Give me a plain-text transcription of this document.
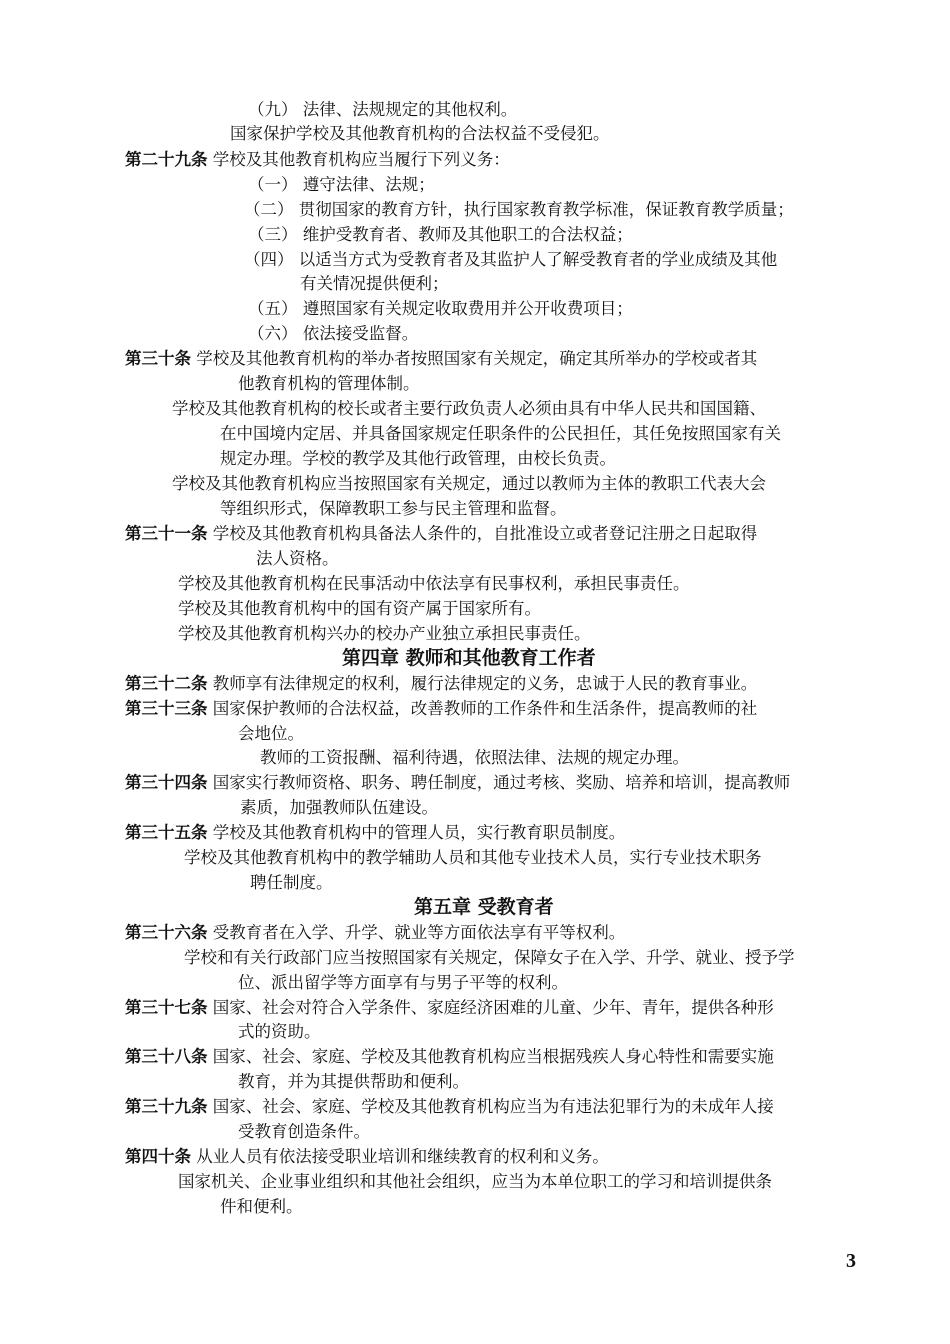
（九） 法律、法规规定的其他权利。
国家保护学校及其他教育机构的合法权益不受侵犯。
第二十九条 学校及其他教育机构应当履行下列义务：
（一） 遵守法律、法规；
（二） 贯彻国家的教育方针，执行国家教育教学标准，保证教育教学质量；
（三） 维护受教育者、教师及其他职工的合法权益；
（四） 以适当方式为受教育者及其监护人了解受教育者的学业成绩及其他
有关情况提供便利；
（五） 遵照国家有关规定收取费用并公开收费项目；
（六） 依法接受监督。
第三十条 学校及其他教育机构的举办者按照国家有关规定，确定其所举办的学校或者其
他教育机构的管理体制。
学校及其他教育机构的校长或者主要行政负责人必须由具有中华人民共和国国籍、
在中国境内定居、并具备国家规定任职条件的公民担任，其任免按照国家有关
规定办理。学校的教学及其他行政管理，由校长负责。
学校及其他教育机构应当按照国家有关规定，通过以教师为主体的教职工代表大会
等组织形式，保障教职工参与民主管理和监督。
第三十一条 学校及其他教育机构具备法人条件的，自批准设立或者登记注册之日起取得
法人资格。
学校及其他教育机构在民事活动中依法享有民事权利，承担民事责任。
学校及其他教育机构中的国有资产属于国家所有。
学校及其他教育机构兴办的校办产业独立承担民事责任。
第四章 教师和其他教育工作者
第三十二条 教师享有法律规定的权利，履行法律规定的义务，忠诚于人民的教育事业。
第三十三条 国家保护教师的合法权益，改善教师的工作条件和生活条件，提高教师的社
会地位。
教师的工资报酬、福利待遇，依照法律、法规的规定办理。
第三十四条 国家实行教师资格、职务、聘任制度，通过考核、奖励、培养和培训，提高教师
素质，加强教师队伍建设。
第三十五条 学校及其他教育机构中的管理人员，实行教育职员制度。
学校及其他教育机构中的教学辅助人员和其他专业技术人员，实行专业技术职务
聘任制度。
第五章 受教育者
第三十六条 受教育者在入学、升学、就业等方面依法享有平等权利。
学校和有关行政部门应当按照国家有关规定，保障女子在入学、升学、就业、授予学
位、派出留学等方面享有与男子平等的权利。
第三十七条 国家、社会对符合入学条件、家庭经济困难的儿童、少年、青年，提供各种形
式的资助。
第三十八条 国家、社会、家庭、学校及其他教育机构应当根据残疾人身心特性和需要实施
教育，并为其提供帮助和便利。
第三十九条 国家、社会、家庭、学校及其他教育机构应当为有违法犯罪行为的未成年人接
受教育创造条件。
第四十条 从业人员有依法接受职业培训和继续教育的权利和义务。
国家机关、企业事业组织和其他社会组织，应当为本单位职工的学习和培训提供条
件和便利。
3
